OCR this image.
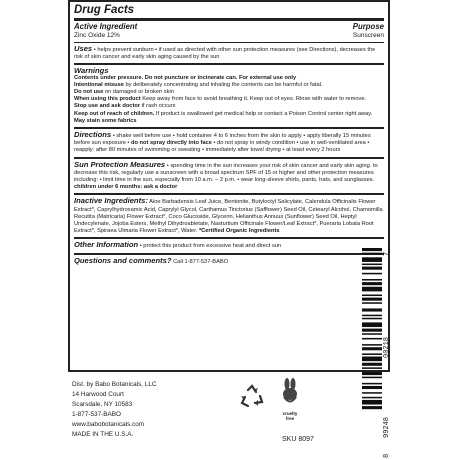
Drug Facts
Active Ingredient	Purpose
Zinc Oxide 12%	Sunscreen
Uses • helps prevent sunburn • if used as directed with other sun protection measures (see Directions), decreases the risk of skin cancer and early skin aging caused by the sun
Warnings
Contents under pressure. Do not puncture or incinerate can. For external use only
Intentional misuse by deliberately concentrating and inhaling the contents can be harmful or fatal.
Do not use on damaged or broken skin
When using this product Keep away from face to avoid breathing it. Keep out of eyes. Rinse with water to remove.
Stop use and ask doctor if rash occurs
Keep out of reach of children. If product is swallowed get medical help or contact a Poison Control center right away.
May stain some fabrics
Directions • shake well before use • hold container 4 to 6 inches from the skin to apply • apply liberally 15 minutes before sun exposure • do not spray directly into face • do not spray in windy condition • use in well-ventilated area • reapply: after 80 minutes of swimming or sweating • immediately after towel drying • at least every 2 hours
Sun Protection Measures • spending time in the sun increases your risk of skin cancer and early skin aging. to decrease this risk, regularly use a sunscreen with a broad spectrum SPF of 15 or higher and other protection measures including: • limit time in the sun, especially from 10 a.m. – 2 p.m. • wear long-sleeve shirts, pants, hats, and sunglasses. children under 6 months: ask a doctor
Inactive Ingredients: Aloe Barbadensis Leaf Juice, Bentonite, Butyloctyl Salicylate, Calendula Officinalis Flower Extract*, Caprylhydroxamic Acid, Caprylyl Glycol, Carthamus Tinctorius (Safflower) Seed Oil, Cetearyl Alcohol, Chamomilla Recutita (Matricaria) Flower Extract*, Coco Glucoside, Glycerin, Helianthus Annuus (Sunflower) Seed Oil, Heptyl Undecylenate, Jojoba Esters, Methyl Dihydroabietate, Nasturtium Officinale Flower/Leaf Extract*, Pueraria Lobata Root Extract*, Spiraea Ulmaria Flower Extract*, Water. *Certified Organic Ingredients
Other Information • protect this product from excessive heat and direct sun
Questions and comments? Call 1-877-537-BABO
Dist. by Babo Botanicals, LLC
14 Harwood Court
Scarsdale, NY 10583
1-877-537-BABO
www.babobotanicals.com
MADE IN THE U.S.A.
cruelty
free
SKU 8097
8
99248
00218
7
